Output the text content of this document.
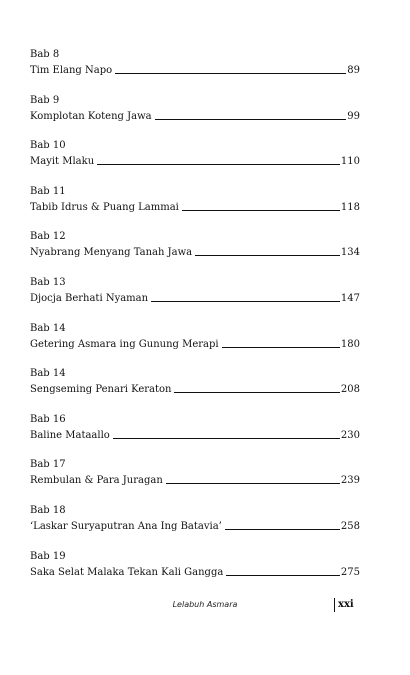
Bab 8
Tim Elang Napo	89
Bab 9
Komplotan Koteng Jawa	99
Bab 10
Mayit Mlaku	110
Bab 11
Tabib Idrus & Puang Lammai	118
Bab 12
Nyabrang Menyang Tanah Jawa	134
Bab 13
Djocja Berhati Nyaman	147
Bab 14
Getering Asmara ing Gunung Merapi	180
Bab 14
Sengseming Penari Keraton	208
Bab 16
Baline Mataallo	230
Bab 17
Rembulan & Para Juragan	239
Bab 18
‘Laskar Suryaputran Ana Ing Batavia’	258
Bab 19
Saka Selat Malaka Tekan Kali Gangga	275
Lelabuh Asmara	xxi
